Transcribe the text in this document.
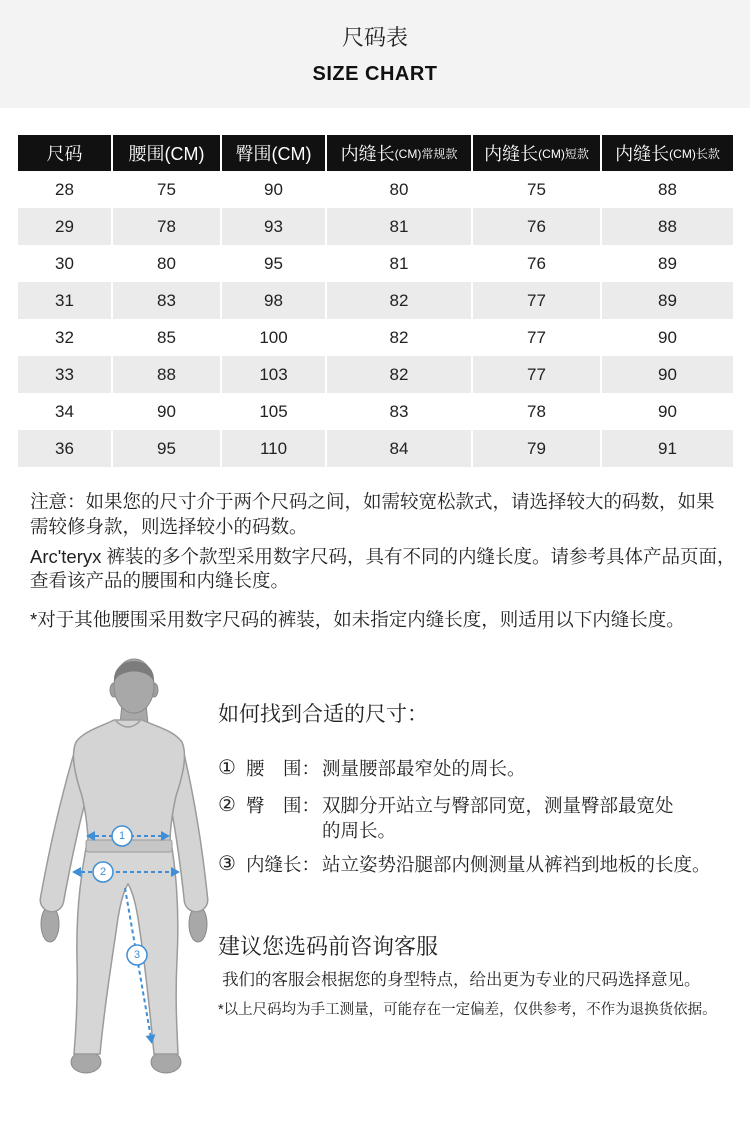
尺码表
SIZE CHART
尺码	腰围(CM) 臀围(CM) 内缝长 (CM)常规款 内缝长 (CM)短款 内缝长 (CM)长款
28	75	90	80	75	88
29	78	93	81	76	88
30	80	95	81	76	89
31	83	98	82	77	89
32	85	100	82	77	90
33	88	103	82	77	90
34	90	105	83	78	90
36	95	110	84	79	91

注意：如果您的尺寸介于两个尺码之间，如需较宽松款式，请选择较大的码数，如果

需较修身款，则选择较小的码数。

Arc'teryx 裤装的多个款型采用数字尺码，具有不同的内缝长度。请参考具体产品页面，

查看该产品的腰围和内缝长度。

*对于其他腰围采用数字尺码的裤装，如未指定内缝长度，则适用以下内缝长度。

1
2
3
如何找到合适的尺寸：
① 腰　围： 测量腰部最窄处的周长。
② 臀　围： 双脚分开站立与臀部同宽，测量臀部最宽处
的周长。
③ 内缝长： 站立姿势沿腿部内侧测量从裤裆到地板的长度。
建议您选码前咨询客服
我们的客服会根据您的身型特点，给出更为专业的尺码选择意见。
*以上尺码均为手工测量，可能存在一定偏差，仅供参考，不作为退换货依据。
